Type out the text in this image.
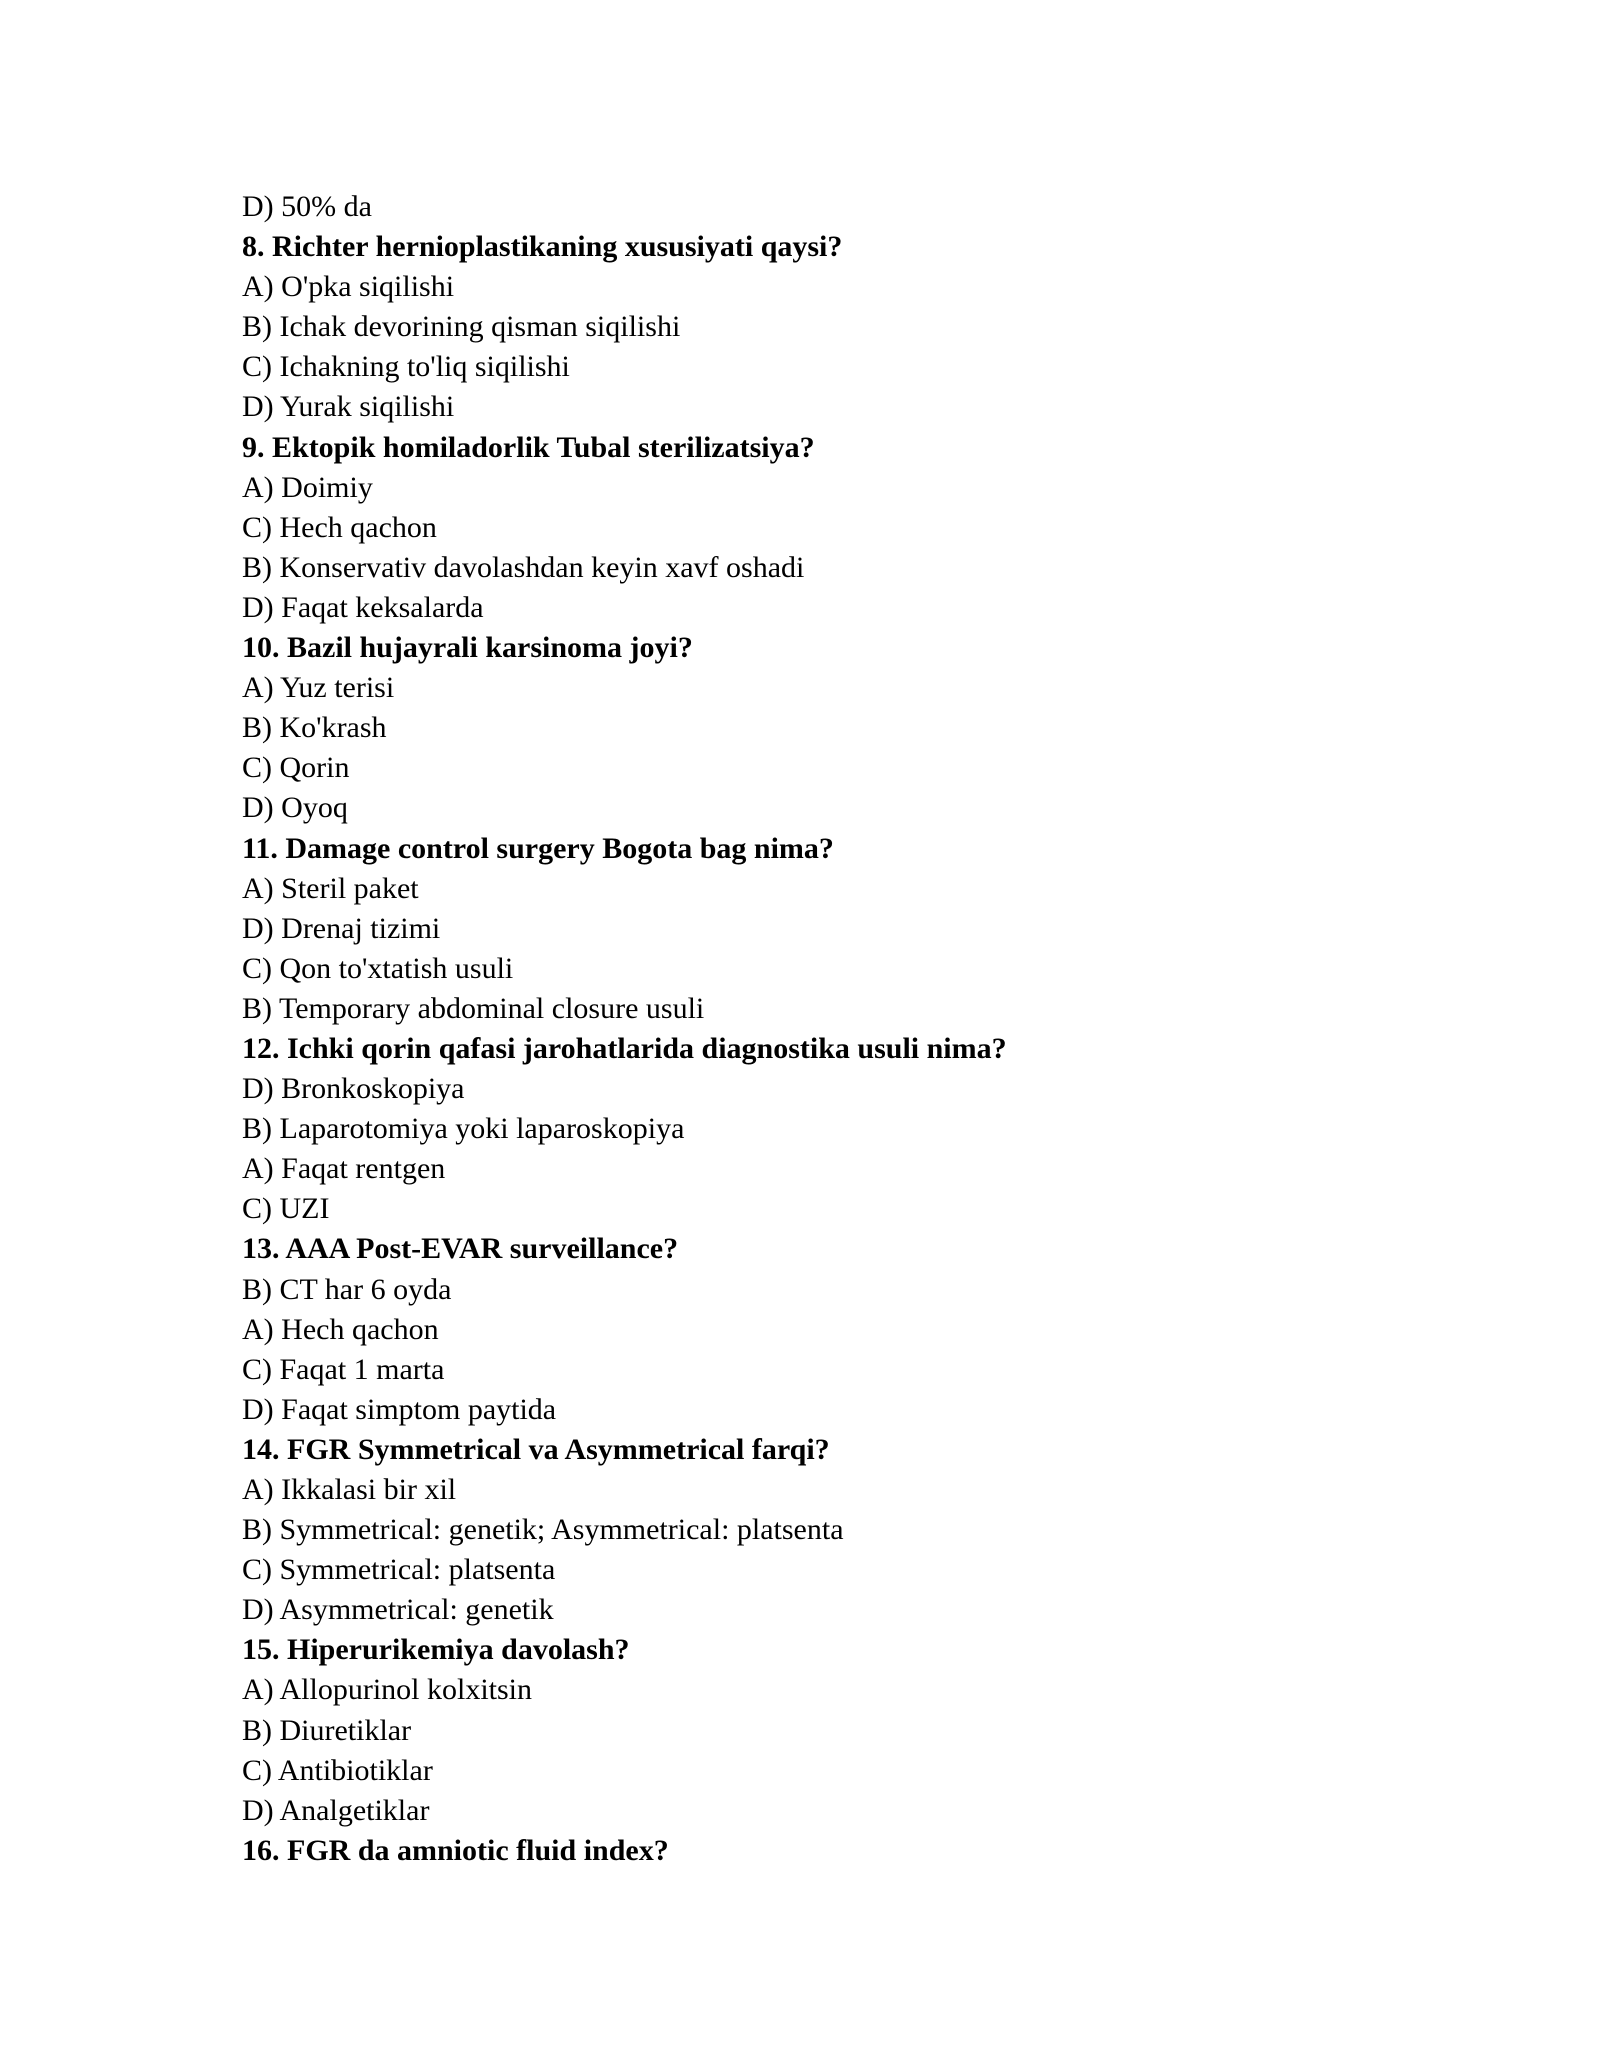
D) 50% da
8. Richter hernioplastikaning xususiyati qaysi?
A) O'pka siqilishi
B) Ichak devorining qisman siqilishi
C) Ichakning to'liq siqilishi
D) Yurak siqilishi
9. Ektopik homiladorlik Tubal sterilizatsiya?
A) Doimiy
C) Hech qachon
B) Konservativ davolashdan keyin xavf oshadi
D) Faqat keksalarda
10. Bazil hujayrali karsinoma joyi?
A) Yuz terisi
B) Ko'krash
C) Qorin
D) Oyoq
11. Damage control surgery Bogota bag nima?
A) Steril paket
D) Drenaj tizimi
C) Qon to'xtatish usuli
B) Temporary abdominal closure usuli
12. Ichki qorin qafasi jarohatlarida diagnostika usuli nima?
D) Bronkoskopiya
B) Laparotomiya yoki laparoskopiya
A) Faqat rentgen
C) UZI
13. AAA Post-EVAR surveillance?
B) CT har 6 oyda
A) Hech qachon
C) Faqat 1 marta
D) Faqat simptom paytida
14. FGR Symmetrical va Asymmetrical farqi?
A) Ikkalasi bir xil
B) Symmetrical: genetik; Asymmetrical: platsenta
C) Symmetrical: platsenta
D) Asymmetrical: genetik
15. Hiperurikemiya davolash?
A) Allopurinol kolxitsin
B) Diuretiklar
C) Antibiotiklar
D) Analgetiklar
16. FGR da amniotic fluid index?
